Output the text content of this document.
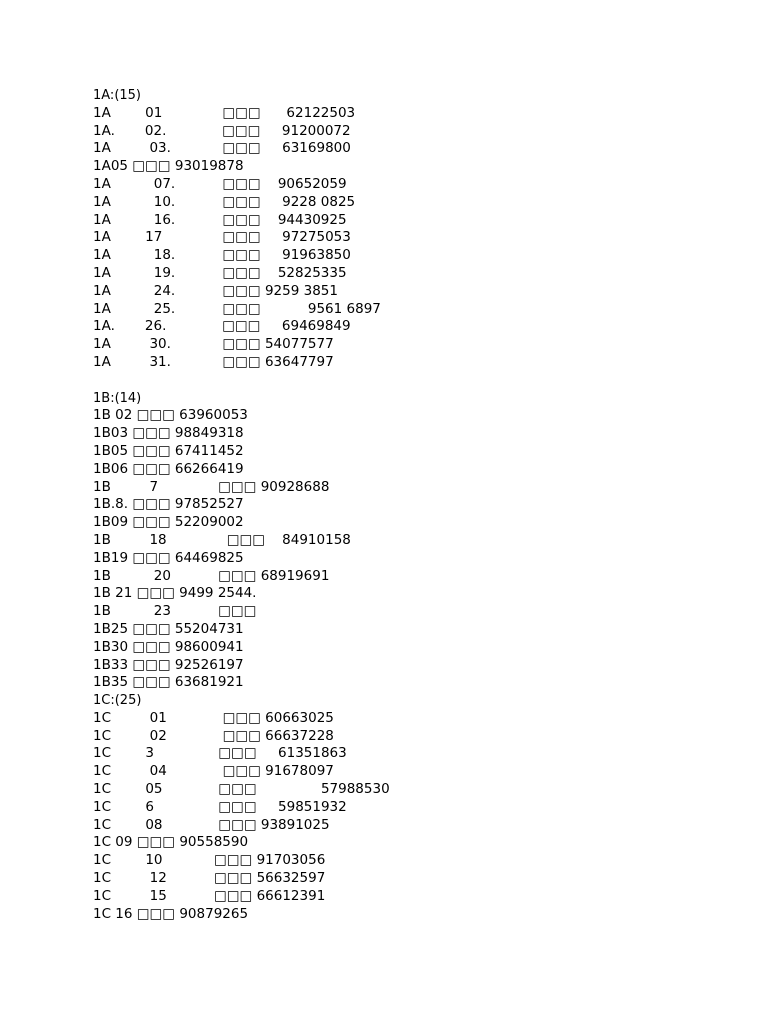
1A:(15)
1A        01              □□□      62122503
1A.       02.             □□□     91200072
1A         03.            □□□     63169800
1A05 □□□ 93019878
1A          07.           □□□    90652059
1A          10.           □□□     9228 0825
1A          16.           □□□    94430925
1A        17              □□□     97275053
1A          18.           □□□     91963850
1A          19.           □□□    52825335
1A          24.           □□□ 9259 3851
1A          25.           □□□           9561 6897
1A.       26.             □□□     69469849
1A         30.            □□□ 54077577
1A         31.            □□□ 63647797
1B:(14)
1B 02 □□□ 63960053
1B03 □□□ 98849318
1B05 □□□ 67411452
1B06 □□□ 66266419
1B         7              □□□ 90928688
1B.8. □□□ 97852527
1B09 □□□ 52209002
1B         18              □□□    84910158
1B19 □□□ 64469825
1B          20           □□□ 68919691
1B 21 □□□ 9499 2544.
1B          23           □□□
1B25 □□□ 55204731
1B30 □□□ 98600941
1B33 □□□ 92526197
1B35 □□□ 63681921
1C:(25)
1C         01             □□□ 60663025
1C         02             □□□ 66637228
1C        3               □□□     61351863
1C         04             □□□ 91678097
1C        05             □□□               57988530
1C        6               □□□     59851932
1C        08             □□□ 93891025
1C 09 □□□ 90558590
1C        10            □□□ 91703056
1C         12           □□□ 56632597
1C         15           □□□ 66612391
1C 16 □□□ 90879265
